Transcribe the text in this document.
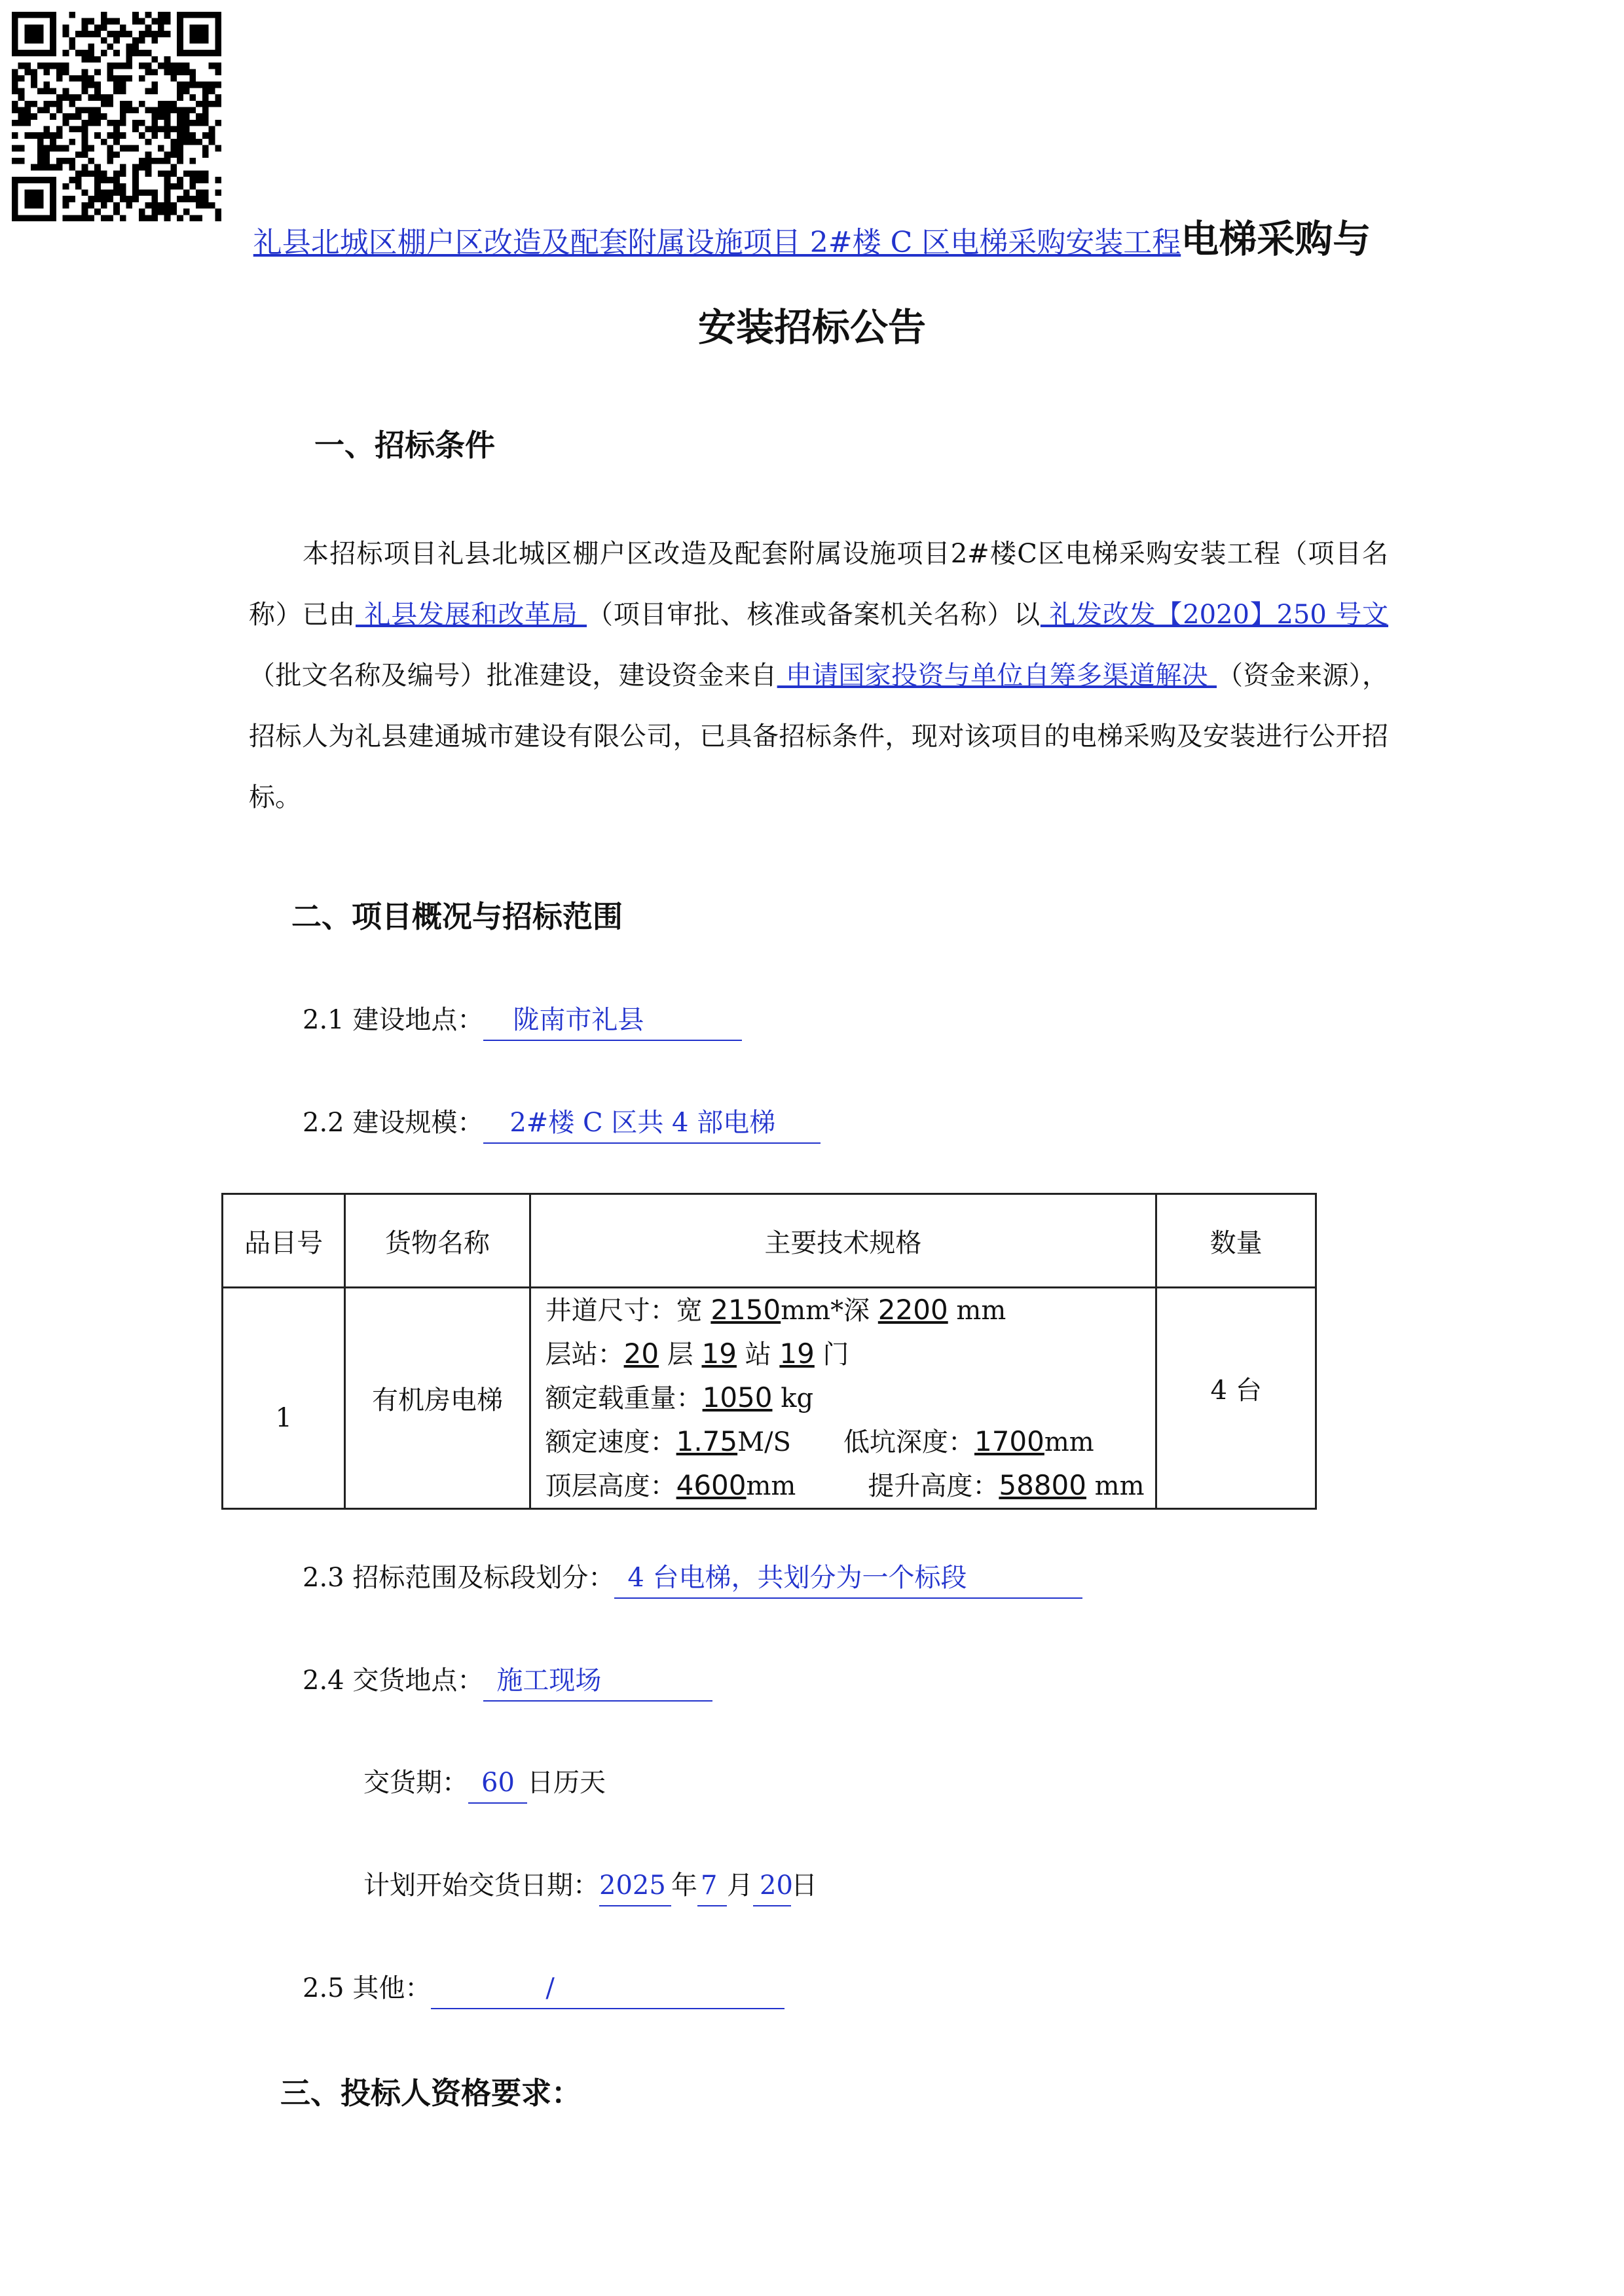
礼县北城区棚户区改造及配套附属设施项目 2#楼 C 区电梯采购安装工程电梯采购与
安装招标公告
一、招标条件
本招标项目礼县北城区棚户区改造及配套附属设施项目2#楼C区电梯采购安装工程（项目名称）已由 礼县发展和改革局 （项目审批、核准或备案机关名称）以 礼发改发【2020】250 号文 （批文名称及编号）批准建设，建设资金来自 申请国家投资与单位自筹多渠道解决 （资金来源），招标人为礼县建通城市建设有限公司，已具备招标条件，现对该项目的电梯采购及安装进行公开招标。
二、项目概况与招标范围
2.1 建设地点： 陇南市礼县
2.2 建设规模： 2#楼 C 区共 4 部电梯
品目号	货物名称	主要技术规格	数量
1	有机房电梯	井道尺寸：宽 2150mm*深 2200 mm
层站：20 层 19 站 19 门
额定载重量：1050 kg
额定速度：1.75M/S 低坑深度：1700mm
顶层高度：4600mm 提升高度：58800 mm	4 台
2.3 招标范围及标段划分： 4 台电梯，共划分为一个标段
2.4 交货地点： 施工现场
交货期： 60 日历天
计划开始交货日期：2025 年 7 月 20日
2.5 其他：	/
三、投标人资格要求：
